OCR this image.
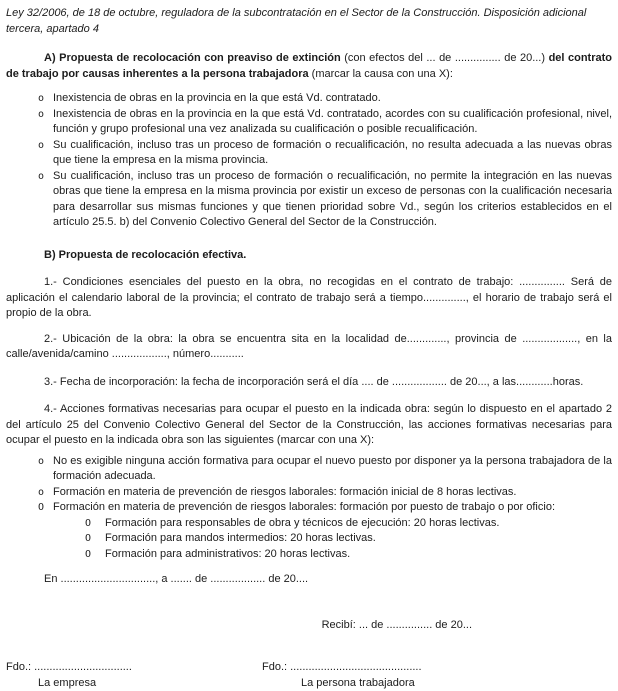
Ley 32/2006, de 18 de octubre, reguladora de la subcontratación en el Sector de la Construcción. Disposición adicional tercera, apartado 4

A) Propuesta de recolocación con preaviso de extinción (con efectos del ... de ............... de 20...) del contrato de trabajo por causas inherentes a la persona trabajadora (marcar la causa con una X):

o Inexistencia de obras en la provincia en la que está Vd. contratado.
o Inexistencia de obras en la provincia en la que está Vd. contratado, acordes con su cualificación profesional, nivel, función y grupo profesional una vez analizada su cualificación o posible recualificación.
o Su cualificación, incluso tras un proceso de formación o recualificación, no resulta adecuada a las nuevas obras que tiene la empresa en la misma provincia.
o Su cualificación, incluso tras un proceso de formación o recualificación, no permite la integración en las nuevas obras que tiene la empresa en la misma provincia por existir un exceso de personas con la cualificación necesaria para desarrollar sus mismas funciones y que tienen prioridad sobre Vd., según los criterios establecidos en el artículo 25.5. b) del Convenio Colectivo General del Sector de la Construcción.

B) Propuesta de recolocación efectiva.

1.- Condiciones esenciales del puesto en la obra, no recogidas en el contrato de trabajo: ............... Será de aplicación el calendario laboral de la provincia; el contrato de trabajo será a tiempo.............., el horario de trabajo será el propio de la obra.

2.- Ubicación de la obra: la obra se encuentra sita en la localidad de............., provincia de .................., en la calle/avenida/camino .................., número...........

3.- Fecha de incorporación: la fecha de incorporación será el día .... de .................. de 20..., a las............horas.

4.- Acciones formativas necesarias para ocupar el puesto en la indicada obra: según lo dispuesto en el apartado 2 del artículo 25 del Convenio Colectivo General del Sector de la Construcción, las acciones formativas necesarias para ocupar el puesto en la indicada obra son las siguientes (marcar con una X):

o No es exigible ninguna acción formativa para ocupar el nuevo puesto por disponer ya la persona trabajadora de la formación adecuada.
o Formación en materia de prevención de riesgos laborales: formación inicial de 8 horas lectivas.
O Formación en materia de prevención de riesgos laborales: formación por puesto de trabajo o por oficio:
O	Formación para responsables de obra y técnicos de ejecución: 20 horas lectivas.
O	Formación para mandos intermedios: 20 horas lectivas.
O	Formación para administrativos: 20 horas lectivas.

En ..............................., a ....... de .................. de 20....

Recibí: ... de ............... de 20...

Fdo.: ................................
La empresa
Fdo.: ...........................................
La persona trabajadora
